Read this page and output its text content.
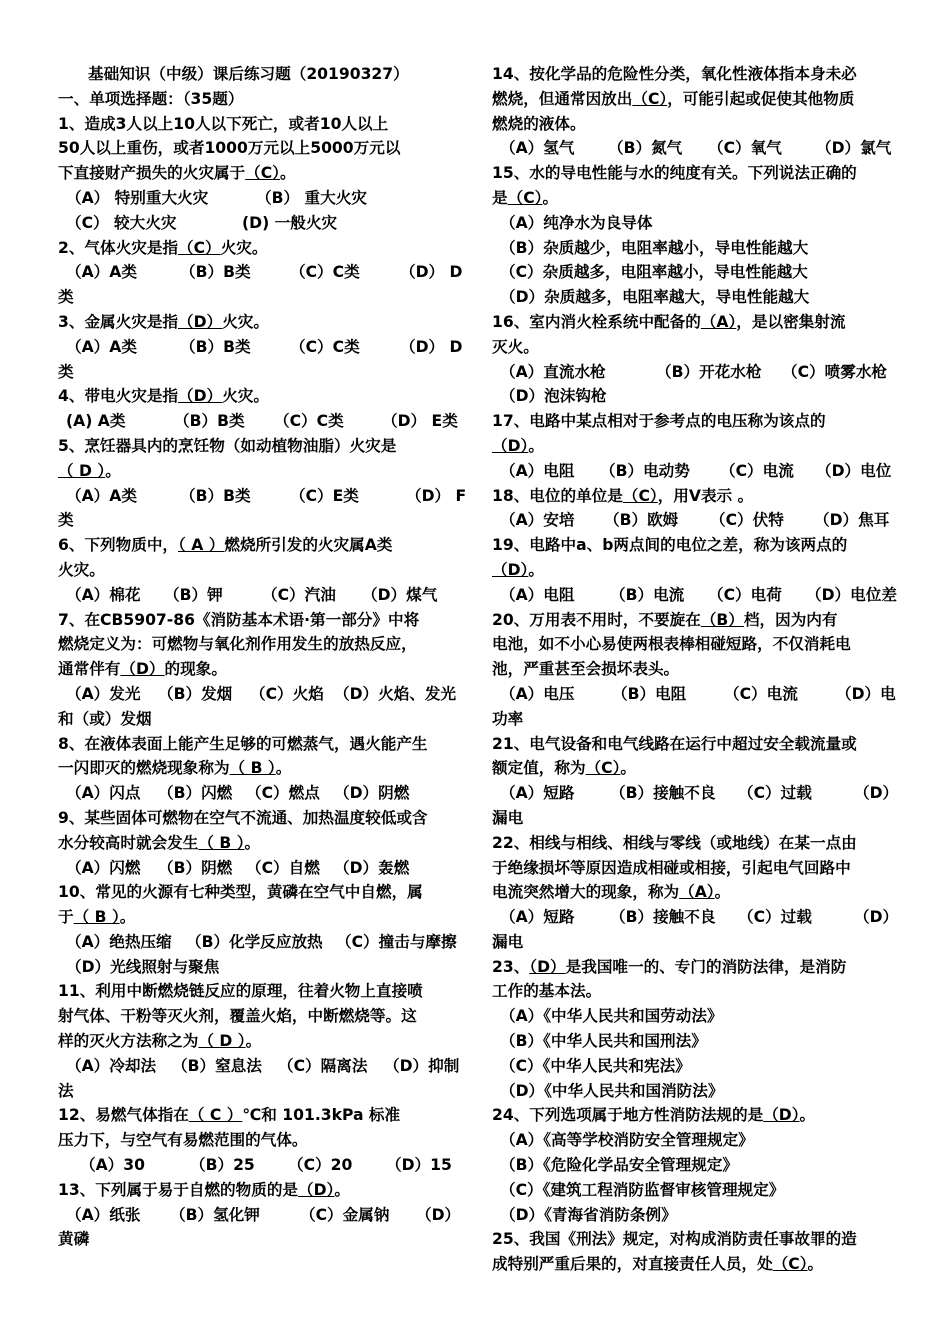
基础知识（中级）课后练习题（20190327）
一、单项选择题：（35题）
1、造成3人以上10人以下死亡，或者10人以上
50人以上重伤，或者1000万元以上5000万元以
下直接财产损失的火灾属于（C）。
（A） 特别重大火灾	（B） 重大火灾
（C） 较大火灾	(D) 一般火灾
2、气体火灾是指（C）火灾。
（A）A类	（B）B类	（C）C类	（D） D
类
3、金属火灾是指（D）火灾。
（A）A类	（B）B类	（C）C类	（D） D
类
4、带电火灾是指（D）火灾。
(A) A类	（B）B类 （C）C类 （D） E类
5、烹饪器具内的烹饪物（如动植物油脂）火灾是
（ D ）。
（A）A类	（B）B类	（C）E类	（D） F
类
6、下列物质中，（ A ）燃烧所引发的火灾属A类
火灾。
（A）棉花 （B）钾	（C）汽油 （D）煤气
7、在CB5907-86《消防基本术语·第一部分》中将
燃烧定义为：可燃物与氧化剂作用发生的放热反应，
通常伴有（D）的现象。
（A）发光 （B）发烟 （C）火焰 （D）火焰、发光
和（或）发烟
8、在液体表面上能产生足够的可燃蒸气，遇火能产生
一闪即灭的燃烧现象称为（ B ）。
（A）闪点 （B）闪燃 （C）燃点 （D）阴燃
9、某些固体可燃物在空气不流通、加热温度较低或含
水分较高时就会发生（ B ）。
（A）闪燃 （B）阴燃 （C）自燃 （D）轰燃
10、常见的火源有七种类型，黄磷在空气中自燃，属
于（ B ）。
（A）绝热压缩 （B）化学反应放热 （C）撞击与摩擦
（D）光线照射与聚焦
11、利用中断燃烧链反应的原理，往着火物上直接喷
射气体、干粉等灭火剂，覆盖火焰，中断燃烧等。这
样的灭火方法称之为（ D ）。
（A）冷却法 （B）窒息法 （C）隔离法 （D）抑制
法
12、易燃气体指在（ C ）℃和 101.3kPa 标准
压力下，与空气有易燃范围的气体。
（A）30	（B）25 （C）20 （D）15
13、下列属于易于自燃的物质的是（D）。
（A）纸张 （B）氢化钾	（C）金属钠 （D）
黄磷
14、按化学品的危险性分类，氧化性液体指本身未必
燃烧，但通常因放出（C），可能引起或促使其他物质
燃烧的液体。
（A）氢气 （B）氮气 （C）氧气 （D）氯气
15、水的导电性能与水的纯度有关。下列说法正确的
是（C）。
（A）纯净水为良导体
（B）杂质越少，电阻率越小，导电性能越大
（C）杂质越多，电阻率越小，导电性能越大
（D）杂质越多，电阻率越大，导电性能越大
16、室内消火栓系统中配备的（A），是以密集射流
灭火。
（A）直流水枪	（B）开花水枪 （C）喷雾水枪
（D）泡沫钩枪
17、电路中某点相对于参考点的电压称为该点的
（D）。
（A）电阻 （B）电动势 （C）电流 （D）电位
18、电位的单位是（C），用V表示 。
（A）安培 （B）欧姆 （C）伏特 （D）焦耳
19、电路中a、b两点间的电位之差，称为该两点的
（D）。
（A）电阻 （B）电流 （C）电荷 （D）电位差
20、万用表不用时，不要旋在（B）档，因为内有
电池，如不小心易使两根表棒相碰短路，不仅消耗电
池，严重甚至会损坏表头。
（A）电压 （B）电阻 （C）电流 （D）电
功率
21、电气设备和电气线路在运行中超过安全载流量或
额定值，称为（C）。
（A）短路 （B）接触不良 （C）过载	（D）
漏电
22、相线与相线、相线与零线（或地线）在某一点由
于绝缘损坏等原因造成相碰或相接，引起电气回路中
电流突然增大的现象，称为（A）。
（A）短路 （B）接触不良 （C）过载	（D）
漏电
23、（D）是我国唯一的、专门的消防法律，是消防
工作的基本法。
（A）《中华人民共和国劳动法》
（B）《中华人民共和国刑法》
（C）《中华人民共和宪法》
（D）《中华人民共和国消防法》
24、下列选项属于地方性消防法规的是（D）。
（A）《高等学校消防安全管理规定》
（B）《危险化学品安全管理规定》
（C）《建筑工程消防监督审核管理规定》
（D）《青海省消防条例》
25、我国《刑法》规定，对构成消防责任事故罪的造
成特别严重后果的，对直接责任人员，处（C）。
